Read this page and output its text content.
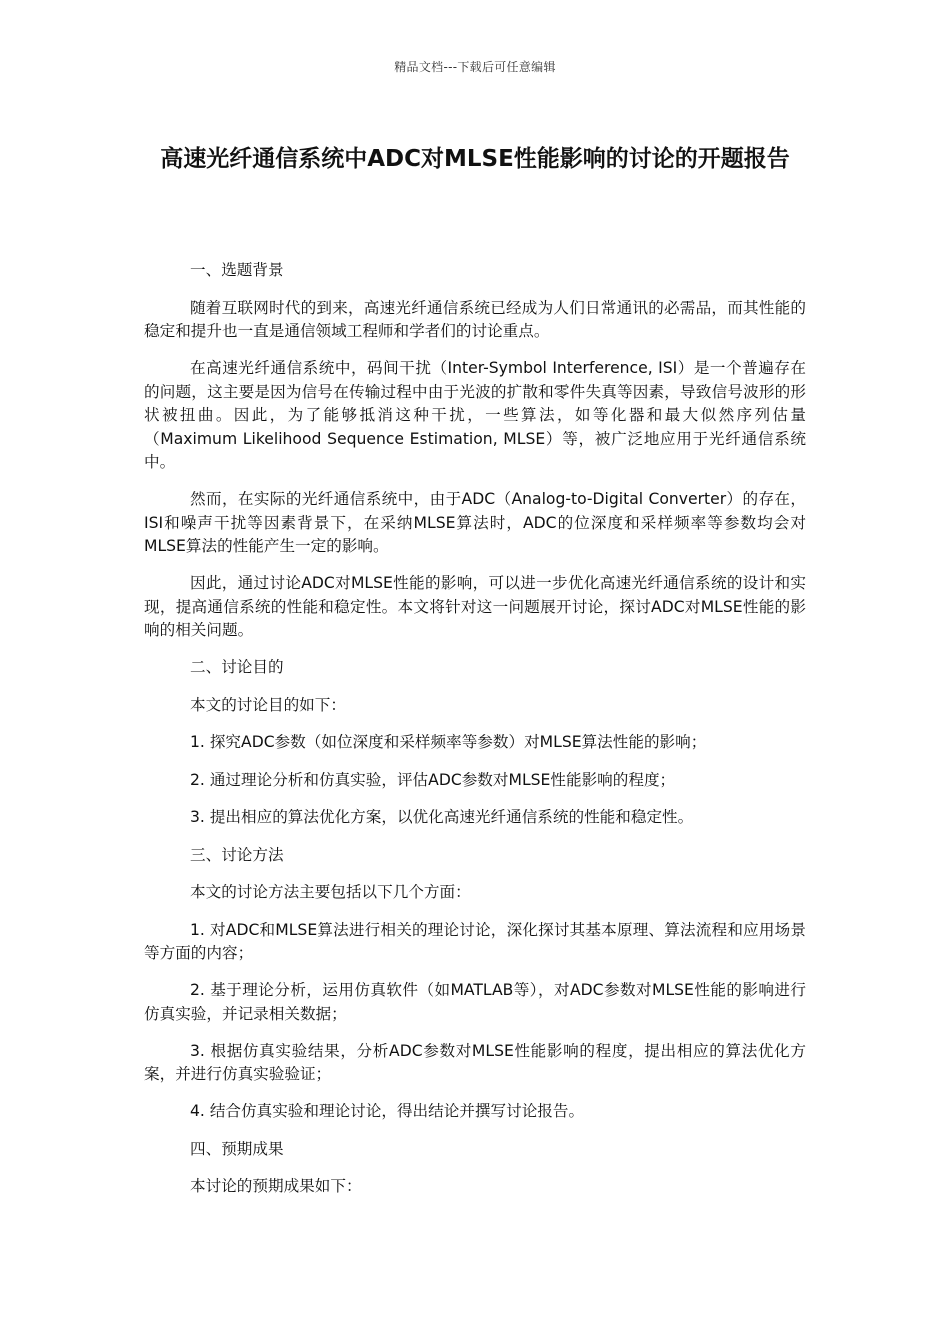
精品文档---下载后可任意编辑
高速光纤通信系统中ADC对MLSE性能影响的讨论的开题报告

一、选题背景

随着互联网时代的到来，高速光纤通信系统已经成为人们日常通讯的必需品，而其性能的稳定和提升也一直是通信领域工程师和学者们的讨论重点。

在高速光纤通信系统中，码间干扰（Inter-Symbol Interference, ISI）是一个普遍存在的问题，这主要是因为信号在传输过程中由于光波的扩散和零件失真等因素，导致信号波形的形状被扭曲。因此，为了能够抵消这种干扰，一些算法，如等化器和最大似然序列估量（Maximum Likelihood Sequence Estimation, MLSE）等，被广泛地应用于光纤通信系统中。

然而，在实际的光纤通信系统中，由于ADC（Analog-to-Digital Converter）的存在，ISI和噪声干扰等因素背景下，在采纳MLSE算法时，ADC的位深度和采样频率等参数均会对MLSE算法的性能产生一定的影响。

因此，通过讨论ADC对MLSE性能的影响，可以进一步优化高速光纤通信系统的设计和实现，提高通信系统的性能和稳定性。本文将针对这一问题展开讨论，探讨ADC对MLSE性能的影响的相关问题。

二、讨论目的

本文的讨论目的如下：

1. 探究ADC参数（如位深度和采样频率等参数）对MLSE算法性能的影响；

2. 通过理论分析和仿真实验，评估ADC参数对MLSE性能影响的程度；

3. 提出相应的算法优化方案，以优化高速光纤通信系统的性能和稳定性。

三、讨论方法

本文的讨论方法主要包括以下几个方面：

1. 对ADC和MLSE算法进行相关的理论讨论，深化探讨其基本原理、算法流程和应用场景等方面的内容；

2. 基于理论分析，运用仿真软件（如MATLAB等），对ADC参数对MLSE性能的影响进行仿真实验，并记录相关数据；

3. 根据仿真实验结果，分析ADC参数对MLSE性能影响的程度，提出相应的算法优化方案，并进行仿真实验验证；

4. 结合仿真实验和理论讨论，得出结论并撰写讨论报告。

四、预期成果

本讨论的预期成果如下：
